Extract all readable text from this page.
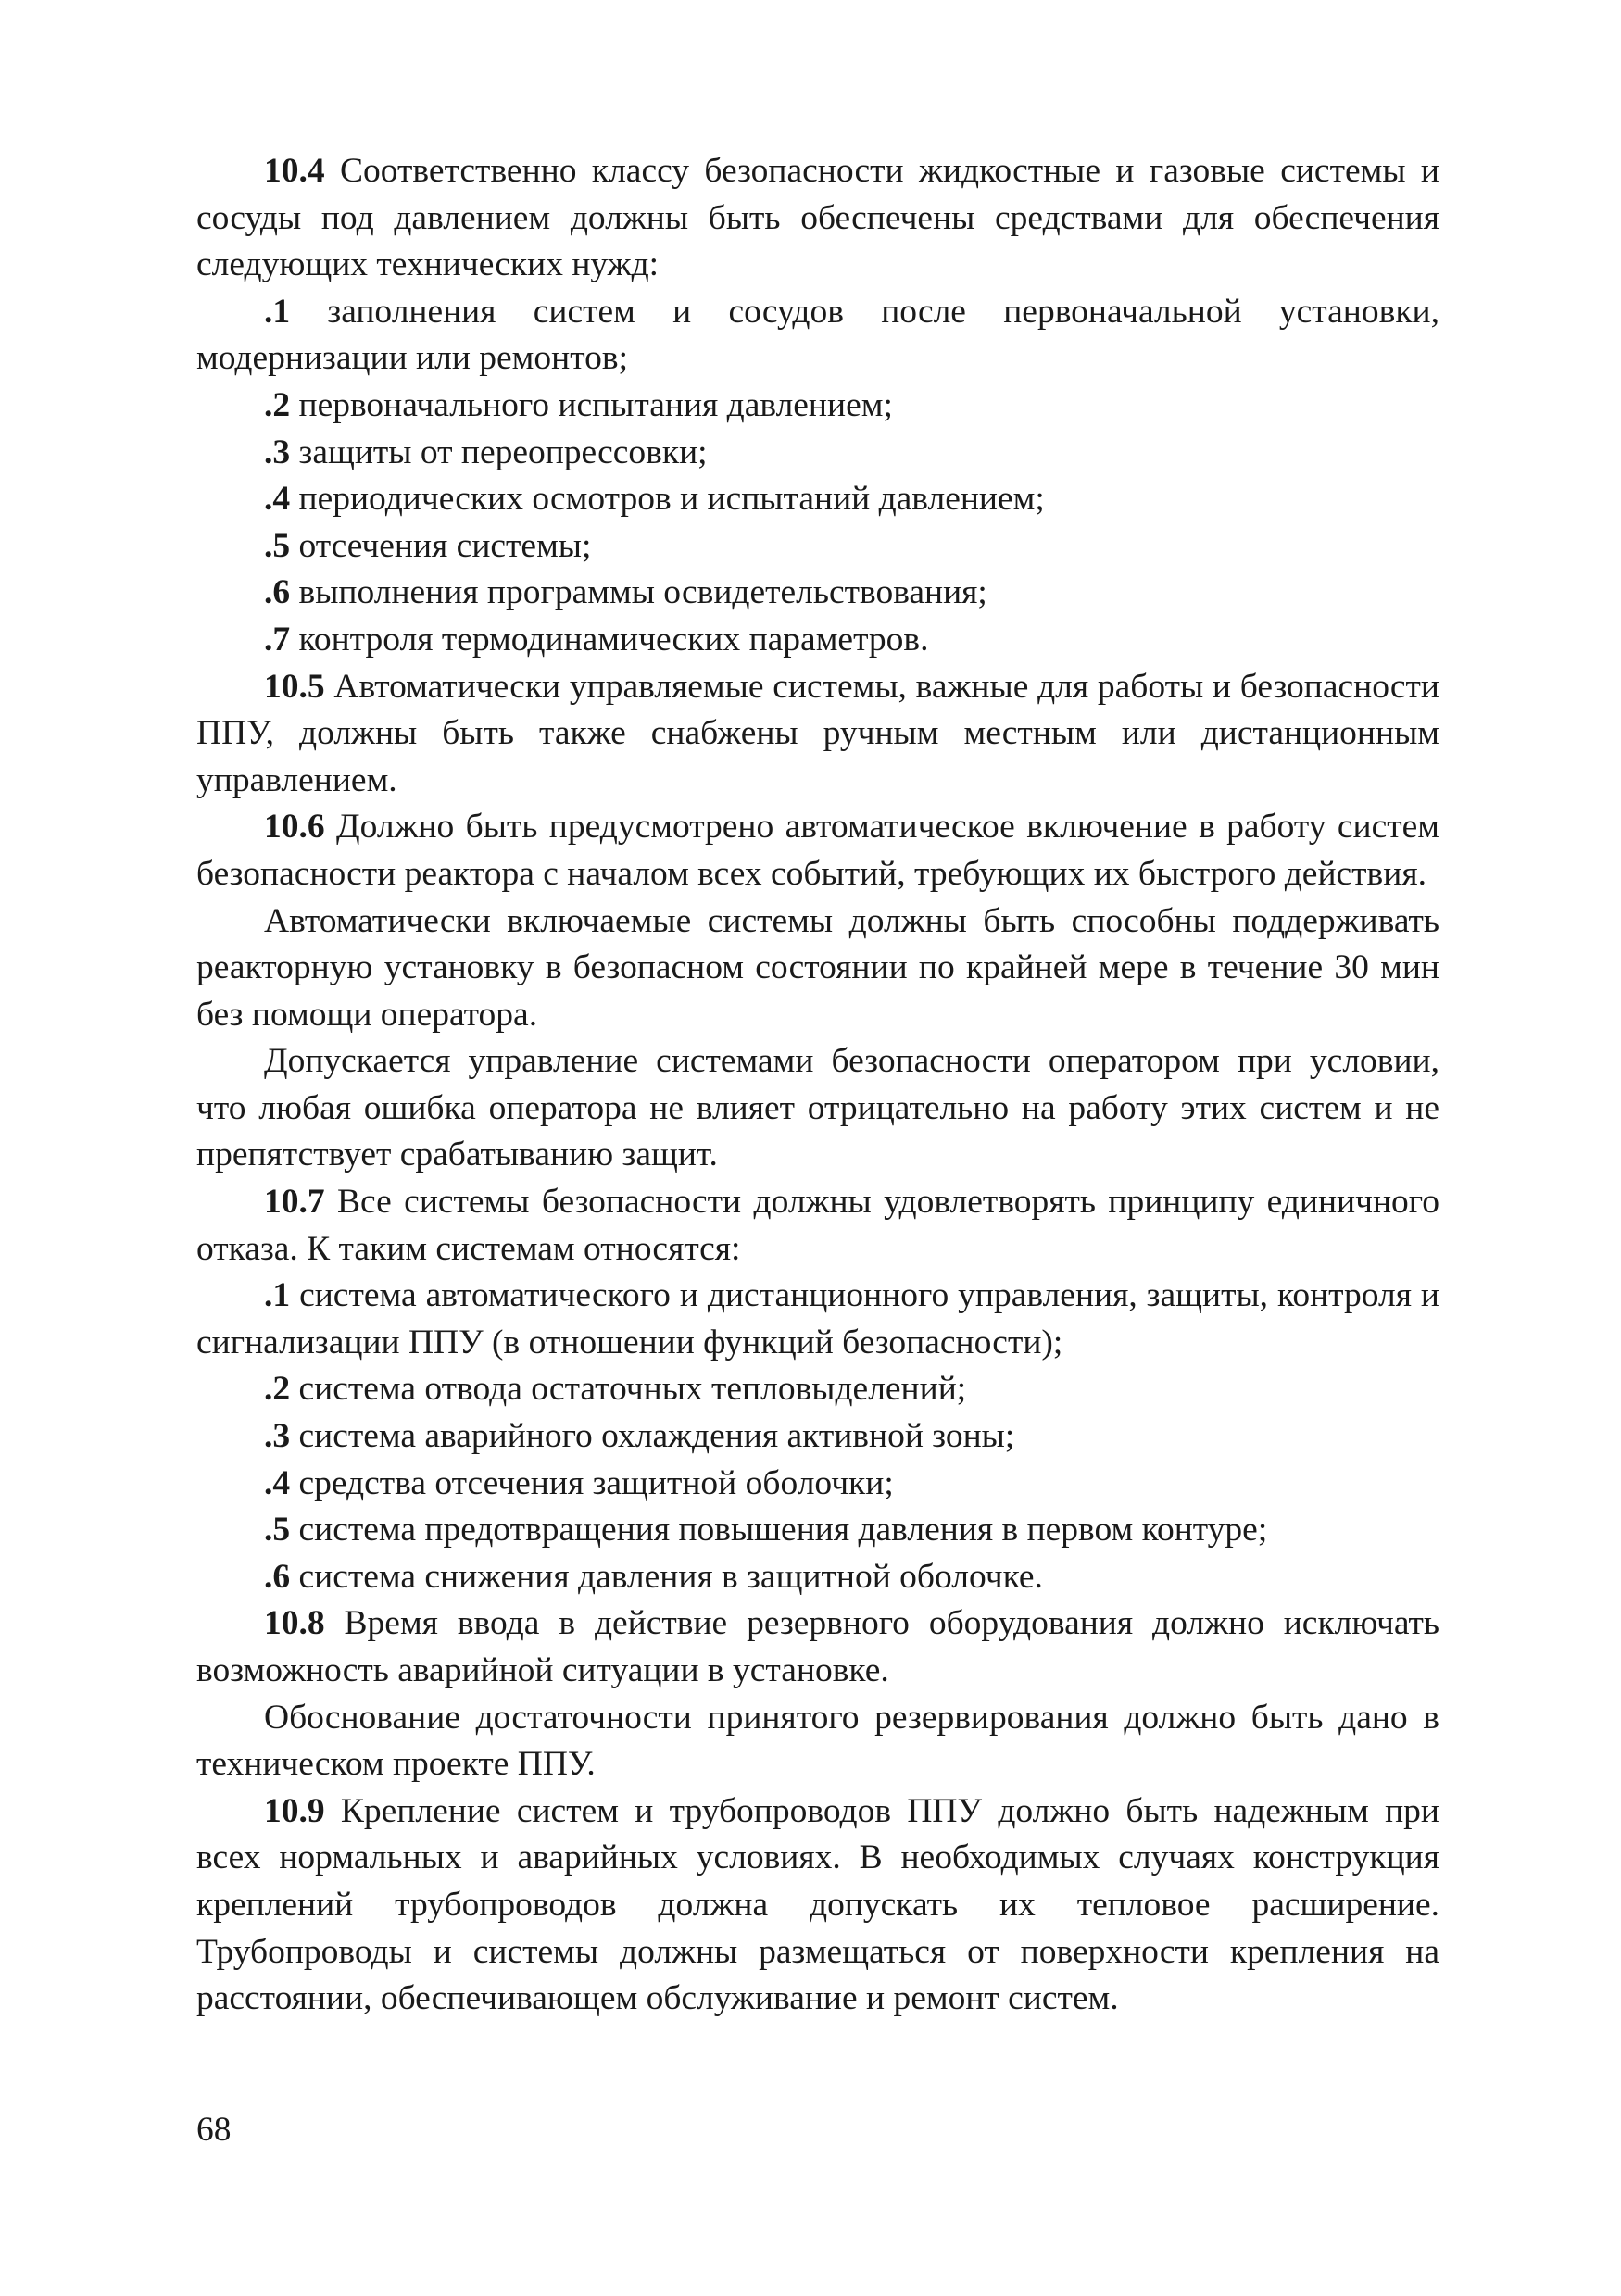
10.4 Соответственно классу безопасности жидкостные и газовые системы и сосуды под давлением должны быть обеспечены средствами для обеспечения следующих технических нужд:

.1 заполнения систем и сосудов после первоначальной установки, модернизации или ремонтов;

.2 первоначального испытания давлением;

.3 защиты от переопрессовки;

.4 периодических осмотров и испытаний давлением;

.5 отсечения системы;

.6 выполнения программы освидетельствования;

.7 контроля термодинамических параметров.

10.5 Автоматически управляемые системы, важные для работы и безопасности ППУ, должны быть также снабжены ручным местным или дистанционным управлением.

10.6 Должно быть предусмотрено автоматическое включение в работу систем безопасности реактора с началом всех событий, требующих их быстрого действия.

Автоматически включаемые системы должны быть способны поддерживать реакторную установку в безопасном состоянии по крайней мере в течение 30 мин без помощи оператора.

Допускается управление системами безопасности оператором при условии, что любая ошибка оператора не влияет отрицательно на работу этих систем и не препятствует срабатыванию защит.

10.7 Все системы безопасности должны удовлетворять принципу единичного отказа. К таким системам относятся:

.1 система автоматического и дистанционного управления, защиты, контроля и сигнализации ППУ (в отношении функций безопасности);

.2 система отвода остаточных тепловыделений;

.3 система аварийного охлаждения активной зоны;

.4 средства отсечения защитной оболочки;

.5 система предотвращения повышения давления в первом контуре;

.6 система снижения давления в защитной оболочке.

10.8 Время ввода в действие резервного оборудования должно исключать возможность аварийной ситуации в установке.

Обоснование достаточности принятого резервирования должно быть дано в техническом проекте ППУ.

10.9 Крепление систем и трубопроводов ППУ должно быть надежным при всех нормальных и аварийных условиях. В необходимых случаях конструкция креплений трубопроводов должна допускать их тепловое расширение. Трубопроводы и системы должны размещаться от поверхности крепления на расстоянии, обеспечивающем обслуживание и ремонт систем.

68
